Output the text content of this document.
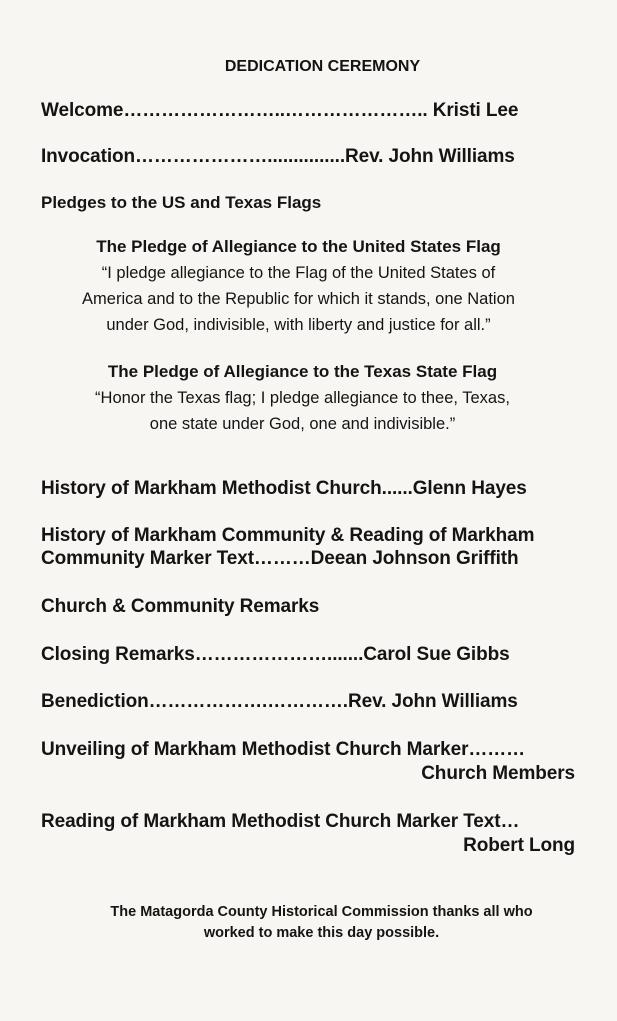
DEDICATION CEREMONY
Welcome……………………..………………….. Kristi Lee
Invocation…………………...............Rev. John Williams
Pledges to the US and Texas Flags
The Pledge of Allegiance to the United States Flag
“I pledge allegiance to the Flag of the United States of
America and to the Republic for which it stands, one Nation
under God, indivisible, with liberty and justice for all.”
The Pledge of Allegiance to the Texas State Flag
“Honor the Texas flag; I pledge allegiance to thee, Texas,
one state under God, one and indivisible.”
History of Markham Methodist Church......Glenn Hayes
History of Markham Community & Reading of Markham
Community Marker Text………Deean Johnson Griffith
Church & Community Remarks
Closing Remarks………………….......Carol Sue Gibbs
Benediction……………….………….Rev. John Williams
Unveiling of Markham Methodist Church Marker………
Church Members
Reading of Markham Methodist Church Marker Text…
Robert Long
The Matagorda County Historical Commission thanks all who
worked to make this day possible.
